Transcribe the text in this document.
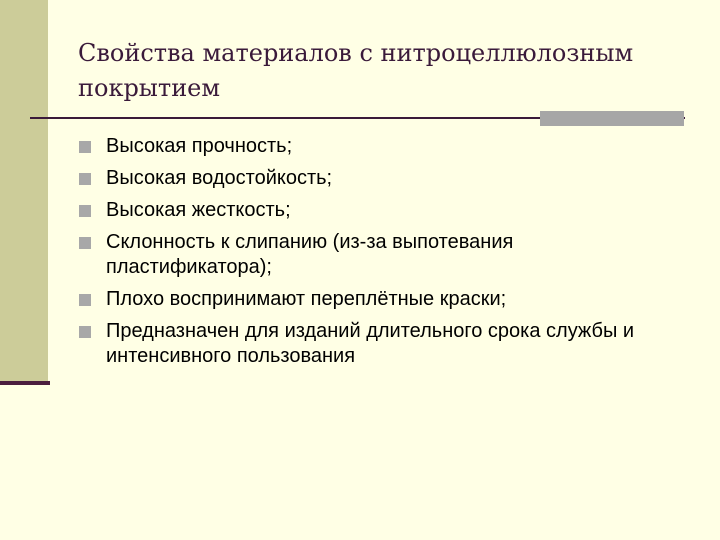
Свойства материалов с нитроцеллюлозным покрытием
Высокая прочность;
Высокая водостойкость;
Высокая жесткость;
Склонность к слипанию (из-за выпотевания пластификатора);
Плохо воспринимают переплётные краски;
Предназначен для изданий длительного срока службы и интенсивного пользования
